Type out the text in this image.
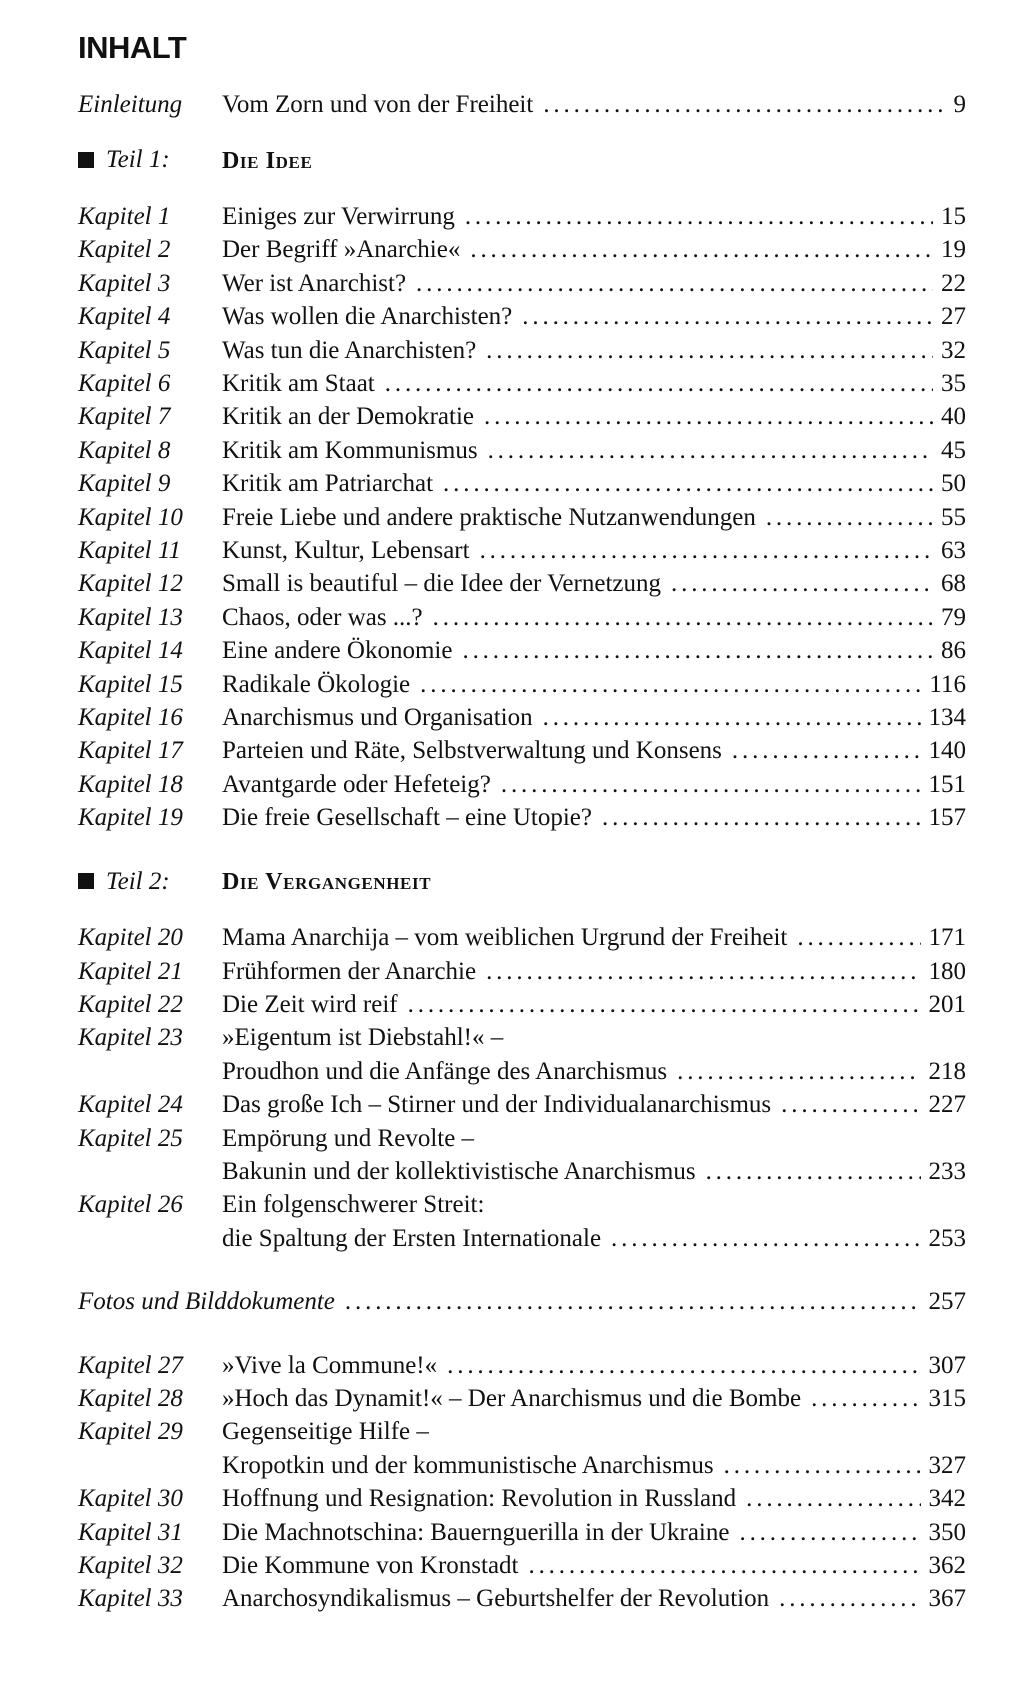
INHALT
Einleitung	Vom Zorn und von der Freiheit . . .	9
Teil 1: Die Idee
Kapitel 1	Einiges zur Verwirrung . . .	15
Kapitel 2	Der Begriff »Anarchie« . . .	19
Kapitel 3	Wer ist Anarchist? . . .	22
Kapitel 4	Was wollen die Anarchisten? . . .	27
Kapitel 5	Was tun die Anarchisten? . . .	32
Kapitel 6	Kritik am Staat . . .	35
Kapitel 7	Kritik an der Demokratie . . .	40
Kapitel 8	Kritik am Kommunismus . . .	45
Kapitel 9	Kritik am Patriarchat . . .	50
Kapitel 10	Freie Liebe und andere praktische Nutzanwendungen . . .	55
Kapitel 11	Kunst, Kultur, Lebensart . . .	63
Kapitel 12	Small is beautiful – die Idee der Vernetzung . . .	68
Kapitel 13	Chaos, oder was ...? . . .	79
Kapitel 14	Eine andere Ökonomie . . .	86
Kapitel 15	Radikale Ökologie . . .	116
Kapitel 16	Anarchismus und Organisation . . .	134
Kapitel 17	Parteien und Räte, Selbstverwaltung und Konsens . . .	140
Kapitel 18	Avantgarde oder Hefeteig? . . .	151
Kapitel 19	Die freie Gesellschaft – eine Utopie? . . .	157
Teil 2: Die Vergangenheit
Kapitel 20	Mama Anarchija – vom weiblichen Urgrund der Freiheit . . .	171
Kapitel 21	Frühformen der Anarchie . . .	180
Kapitel 22	Die Zeit wird reif . . .	201
Kapitel 23	»Eigentum ist Diebstahl!« –
Proudhon und die Anfänge des Anarchismus . . .	218
Kapitel 24	Das große Ich – Stirner und der Individualanarchismus . . .	227
Kapitel 25	Empörung und Revolte –
Bakunin und der kollektivistische Anarchismus . . .	233
Kapitel 26	Ein folgenschwerer Streit:
die Spaltung der Ersten Internationale . . .	253
Fotos und Bilddokumente . . .	257
Kapitel 27	»Vive la Commune!« . . .	307
Kapitel 28	»Hoch das Dynamit!« – Der Anarchismus und die Bombe . . .	315
Kapitel 29	Gegenseitige Hilfe –
Kropotkin und der kommunistische Anarchismus . . .	327
Kapitel 30	Hoffnung und Resignation: Revolution in Russland . . .	342
Kapitel 31	Die Machnotschina: Bauernguerilla in der Ukraine . . .	350
Kapitel 32	Die Kommune von Kronstadt . . .	362
Kapitel 33	Anarchosyndikalismus – Geburtshelfer der Revolution . . .	367
